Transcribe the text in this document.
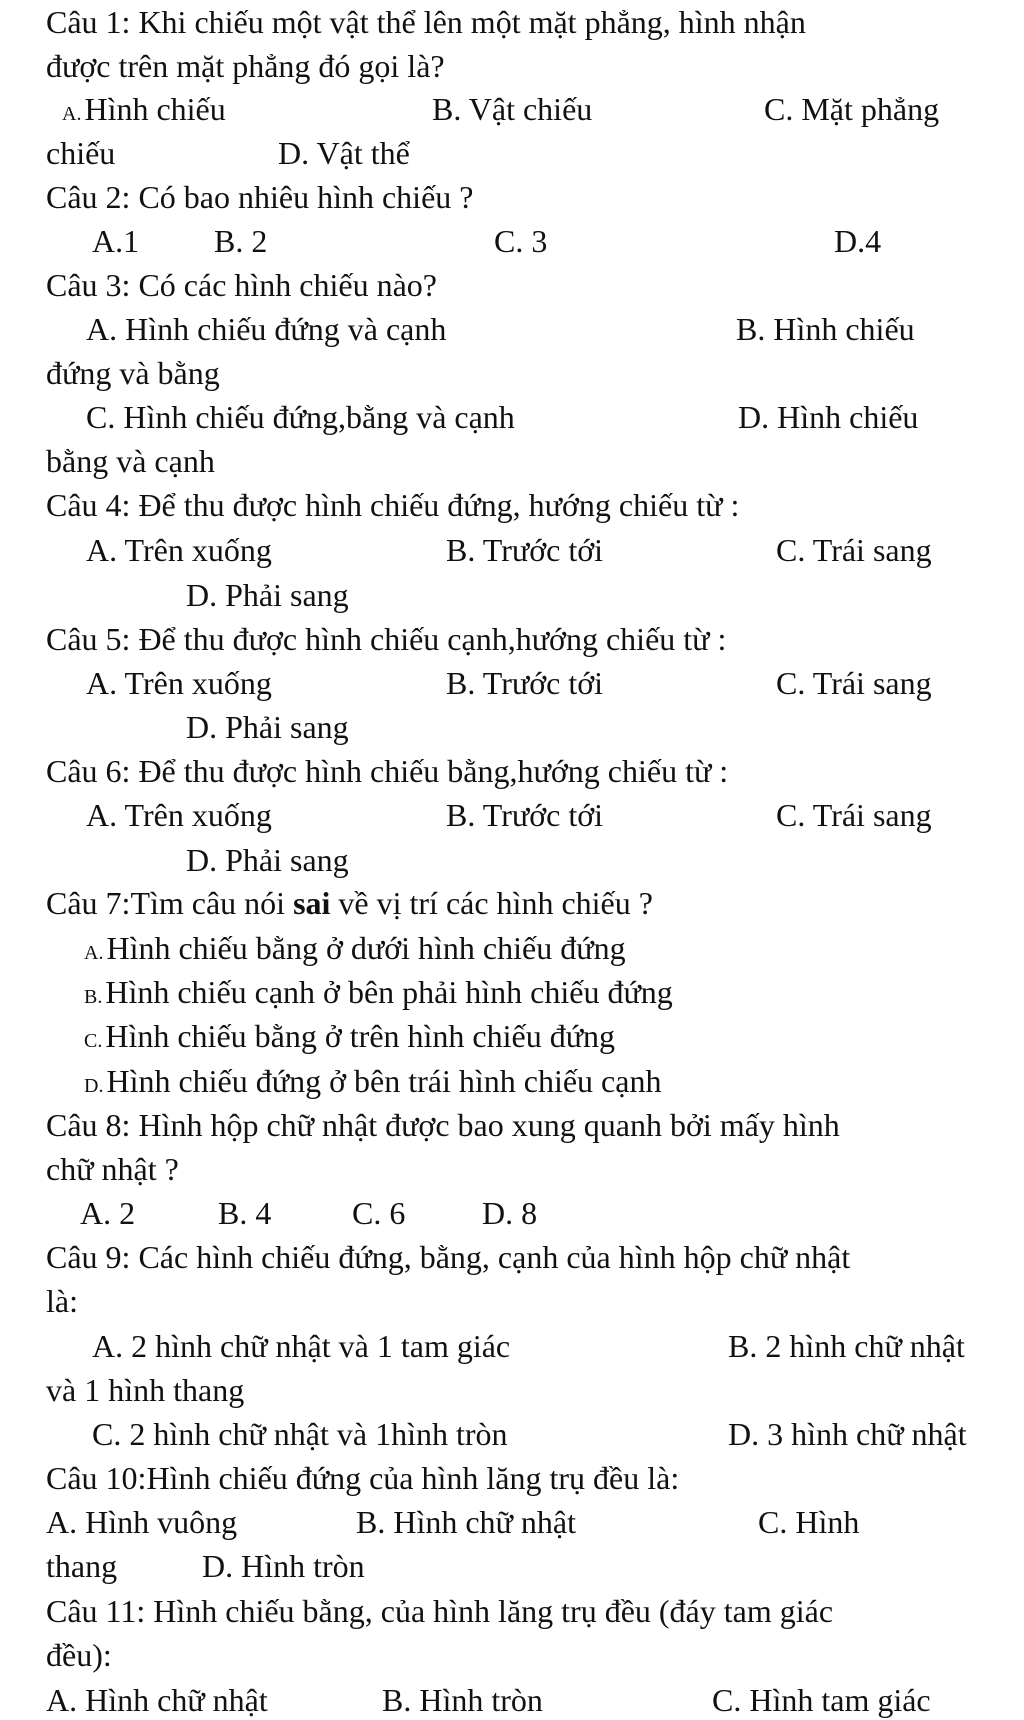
Câu 1: Khi chiếu một vật thể lên một mặt phẳng, hình nhận
được trên mặt phẳng đó gọi là?
A.Hình chiếu	B. Vật chiếu	C. Mặt phẳng
chiếu	D. Vật thể
Câu 2: Có bao nhiêu hình chiếu ?
A.1 B. 2	C. 3	D.4
Câu 3: Có các hình chiếu nào?
A. Hình chiếu đứng và cạnh	B. Hình chiếu
đứng và bằng
C. Hình chiếu đứng,bằng và cạnh	D. Hình chiếu
bằng và cạnh
Câu 4: Để thu được hình chiếu đứng, hướng chiếu từ :
A. Trên xuống	B. Trước tới	C. Trái sang
D. Phải sang
Câu 5: Để thu được hình chiếu cạnh,hướng chiếu từ :
A. Trên xuống	B. Trước tới	C. Trái sang
D. Phải sang
Câu 6: Để thu được hình chiếu bằng,hướng chiếu từ :
A. Trên xuống	B. Trước tới	C. Trái sang
D. Phải sang
Câu 7:Tìm câu nói sai về vị trí các hình chiếu ?
A.Hình chiếu bằng ở dưới hình chiếu đứng
B.Hình chiếu cạnh ở bên phải hình chiếu đứng
C.Hình chiếu bằng ở trên hình chiếu đứng
D.Hình chiếu đứng ở bên trái hình chiếu cạnh
Câu 8: Hình hộp chữ nhật được bao xung quanh bởi mấy hình
chữ nhật ?
A. 2	B. 4	C. 6 D. 8
Câu 9: Các hình chiếu đứng, bằng, cạnh của hình hộp chữ nhật
là:
A. 2 hình chữ nhật và 1 tam giác	B. 2 hình chữ nhật
và 1 hình thang
C. 2 hình chữ nhật và 1hình tròn	D. 3 hình chữ nhật
Câu 10:Hình chiếu đứng của hình lăng trụ đều là:
A. Hình vuông	B. Hình chữ nhật	C. Hình
thang	D. Hình tròn
Câu 11: Hình chiếu bằng, của hình lăng trụ đều (đáy tam giác
đều):
A. Hình chữ nhật	B. Hình tròn	C. Hình tam giác
